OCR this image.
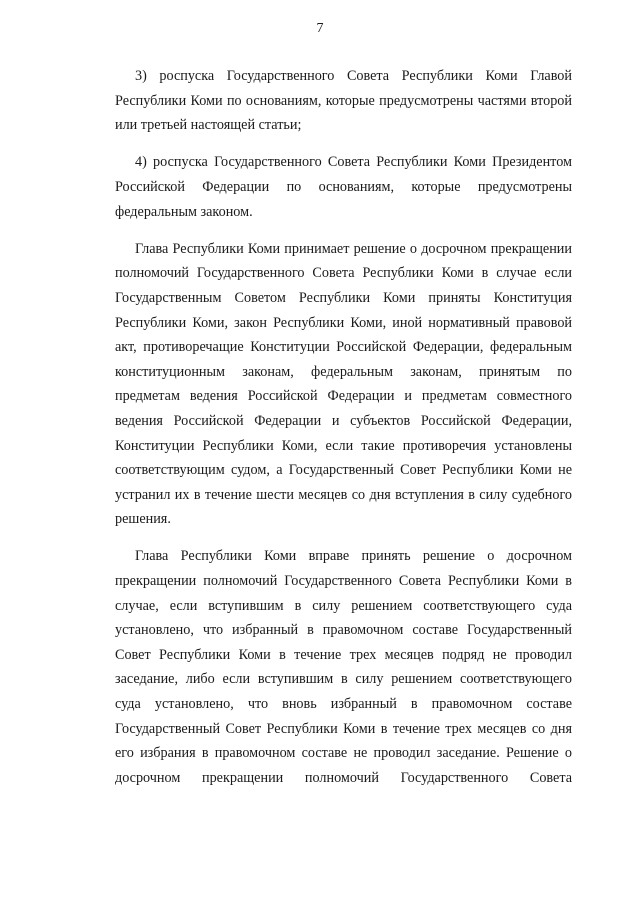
7

3) роспуска Государственного Совета Республики Коми Главой Республики Коми по основаниям, которые предусмотрены частями второй или третьей настоящей статьи;

4) роспуска Государственного Совета Республики Коми Президентом Российской Федерации по основаниям, которые предусмотрены федеральным законом.

Глава Республики Коми принимает решение о досрочном прекращении полномочий Государственного Совета Республики Коми в случае если Государственным Советом Республики Коми приняты Конституция Республики Коми, закон Республики Коми, иной нормативный правовой акт, противоречащие Конституции Российской Федерации, федеральным конституционным законам, федеральным законам, принятым по предметам ведения Российской Федерации и предметам совместного ведения Российской Федерации и субъектов Российской Федерации, Конституции Республики Коми, если такие противоречия установлены соответствующим судом, а Государственный Совет Республики Коми не устранил их в течение шести месяцев со дня вступления в силу судебного решения.

Глава Республики Коми вправе принять решение о досрочном прекращении полномочий Государственного Совета Республики Коми в случае, если вступившим в силу решением соответствующего суда установлено, что избранный в правомочном составе Государственный Совет Республики Коми в течение трех месяцев подряд не проводил заседание, либо если вступившим в силу решением соответствующего суда установлено, что вновь избранный в правомочном составе Государственный Совет Республики Коми в течение трех месяцев со дня его избрания в правомочном составе не проводил заседание. Решение о досрочном прекращении полномочий Государственного Совета
